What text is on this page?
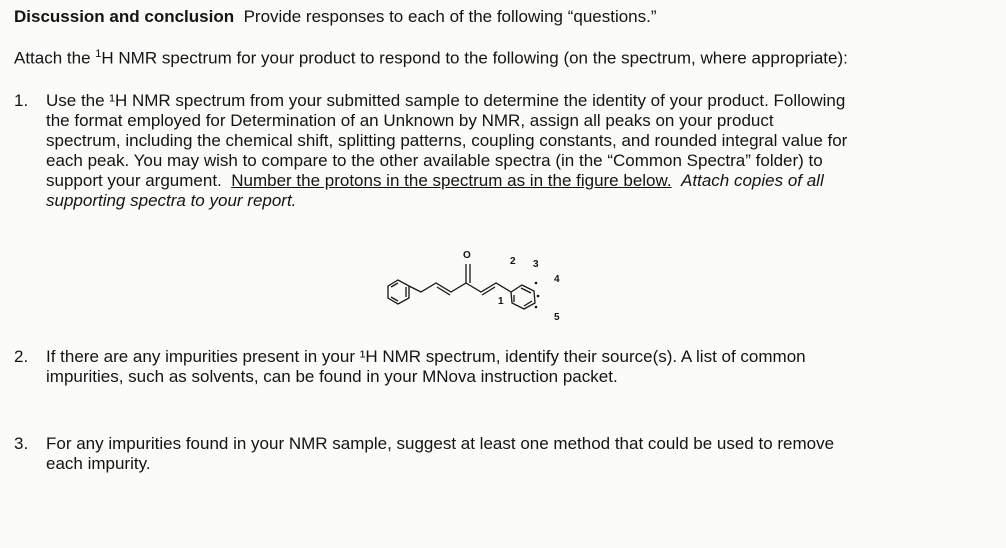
Discussion and conclusion Provide responses to each of the following “questions.”
Attach the $^1$H NMR spectrum for your product to respond to the following (on the spectrum, where appropriate):
1. Use the ¹H NMR spectrum from your submitted sample to determine the identity of your product. Following
the format employed for Determination of an Unknown by NMR, assign all peaks on your product
spectrum, including the chemical shift, splitting patterns, coupling constants, and rounded integral value for
each peak. You may wish to compare to the other available spectra (in the “Common Spectra” folder) to
support your argument. Number the protons in the spectrum as in the figure below. Attach copies of all
supporting spectra to your report.
O
1
2 3
4
5
2. If there are any impurities present in your ¹H NMR spectrum, identify their source(s). A list of common
impurities, such as solvents, can be found in your MNova instruction packet.
3. For any impurities found in your NMR sample, suggest at least one method that could be used to remove
each impurity.
